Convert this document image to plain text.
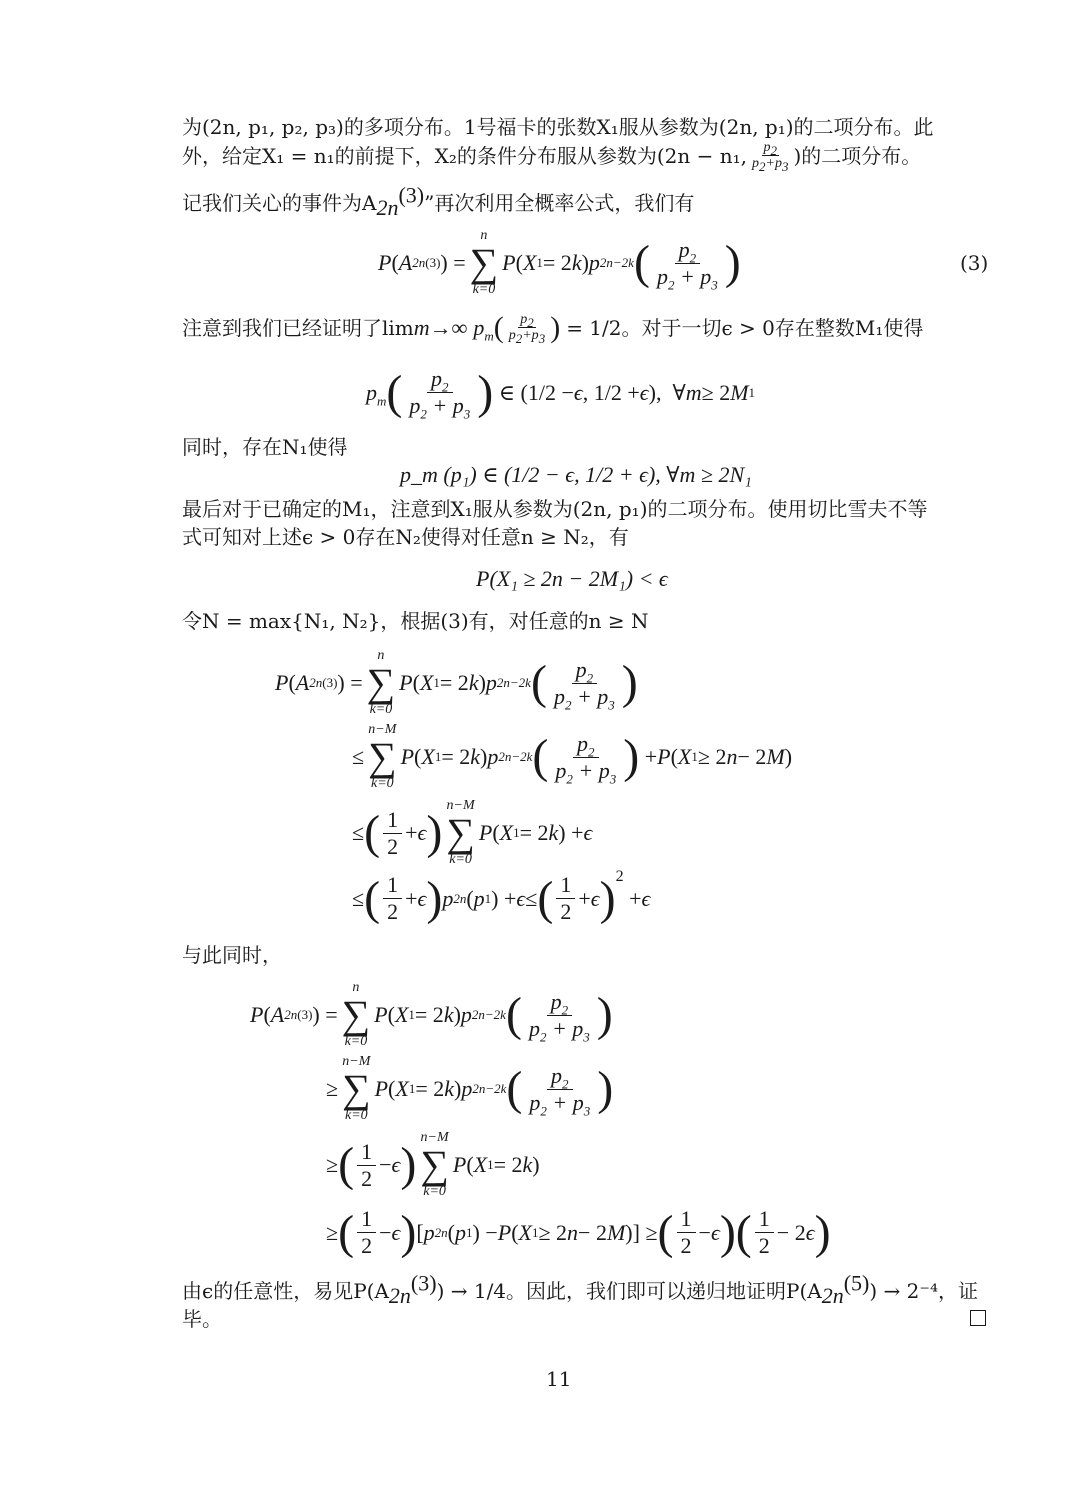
为(2n, p₁, p₂, p₃)的多项分布。1号福卡的张数X₁服从参数为(2n, p₁)的二项分布。此
外，给定X₁ = n₁的前提下，X₂的条件分布服从参数为(2n − n₁, $\frac{p_2}{p_2+p_3}$ )的二项分布。
记我们关心的事件为$A_{2n}^{(3)}$”再次利用全概率公式，我们有
P ( A 2n (3) ) =
n
∑
k=0
P ( X 1 = 2 k ) p 2n−2k ( $\frac{p_2}{p_2 + p_3}$ )	(3)
注意到我们已经证明了lim m→∞ $p_m$ ( $\frac{p_2}{p_2+p_3}$ ) = 1/2。对于一切ϵ > 0存在整数M₁使得
$p_m$ ( $\frac{p_2}{p_2 + p_3}$ ) ∈ (1/2 − ϵ , 1/2 + ϵ ),  ∀ m ≥ 2 M 1
同时，存在N₁使得
p_m (p₁) ∈ (1/2 − ϵ, 1/2 + ϵ), ∀m ≥ 2N₁
最后对于已确定的M₁，注意到X₁服从参数为(2n, p₁)的二项分布。使用切比雪夫不等
式可知对上述ϵ > 0存在N₂使得对任意n ≥ N₂，有
P(X₁ ≥ 2n − 2M₁) < ϵ
令N = max{N₁, N₂}，根据(3)有，对任意的n ≥ N
P ( A 2n (3) ) =
n
∑
k=0
P ( X 1 = 2 k ) p 2n−2k ( $\frac{p_2}{p_2 + p_3}$ )
≤
n−M
∑
k=0
P ( X 1 = 2 k ) p 2n−2k ( $\frac{p_2}{p_2 + p_3}$ ) + P ( X 1 ≥ 2 n − 2 M )
≤ ( $\frac{1}{2} + \epsilon$ )
n−M
∑
k=0
P ( X 1 = 2 k ) + ϵ
≤ ( $\frac{1}{2} + \epsilon$ ) p 2n ( p 1 ) + ϵ ≤ ( $\frac{1}{2} + \epsilon$ )$^2$
+ ϵ
与此同时，
P ( A 2n (3) ) =
n
∑
k=0
P ( X 1 = 2 k ) p 2n−2k ( $\frac{p_2}{p_2 + p_3}$ )
≥
n−M
∑
k=0
P ( X 1 = 2 k ) p 2n−2k ( $\frac{p_2}{p_2 + p_3}$ )
≥ ( $\frac{1}{2} - \epsilon$ )
n−M
∑
k=0
P ( X 1 = 2 k )
≥ ( $\frac{1}{2} - \epsilon$ ) [ p 2n ( p 1 ) − P ( X 1 ≥ 2 n − 2 M )] ≥ ( $\frac{1}{2} - \epsilon$ ) ( $\frac{1}{2} - 2$ ϵ )
由ϵ的任意性，易见$P(A_{2n}^{(3)}) \to 1/4$。因此，我们即可以递归地证明$P(A_{2n}^{(5)}) \to 2^{-4}$，证
毕。
11
